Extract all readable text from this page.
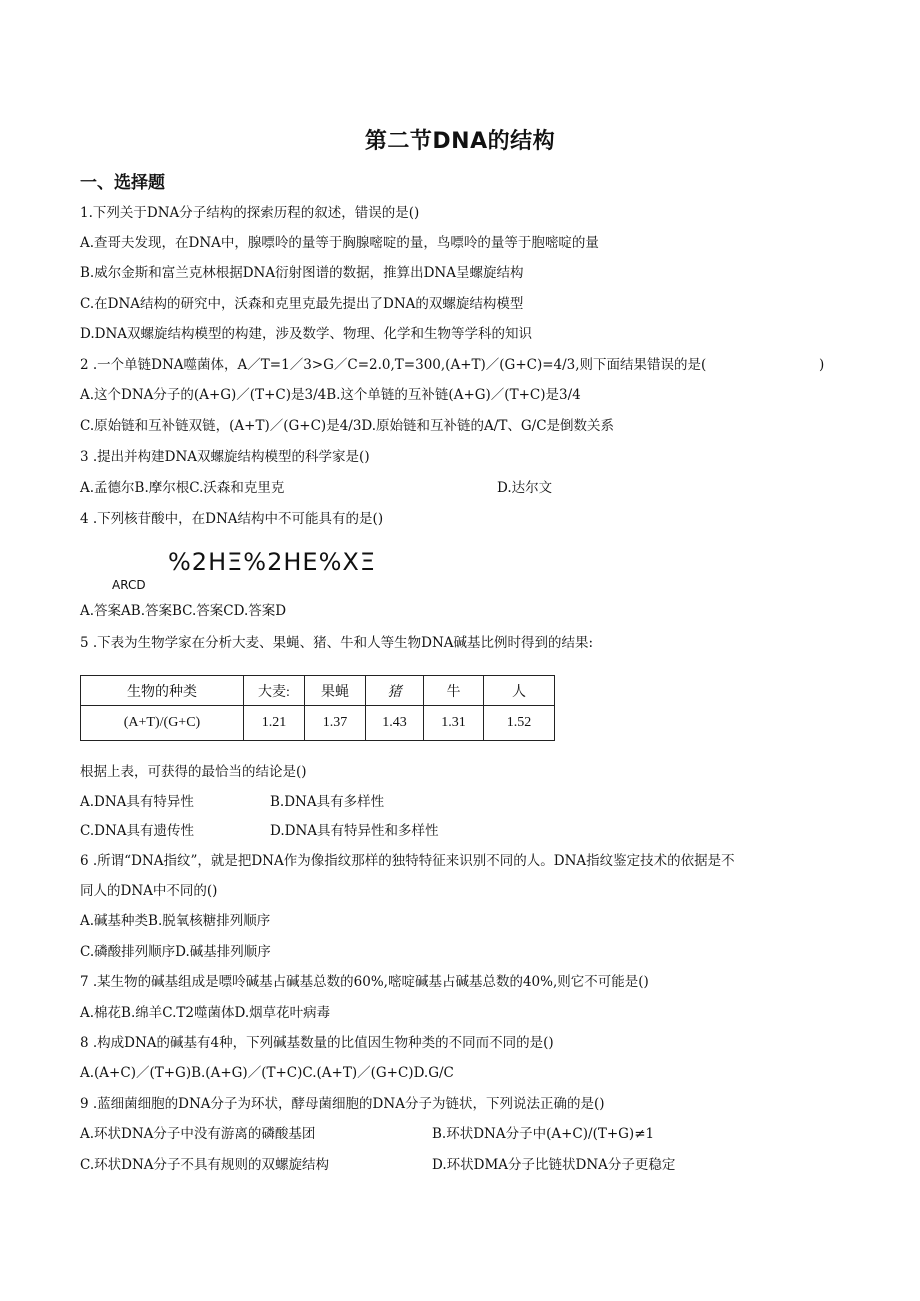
第二节DNA的结构
一、选择题
1.下列关于DNA分子结构的探索历程的叙述，错误的是()
A.查哥夫发现，在DNA中，腺嘌呤的量等于胸腺嘧啶的量，鸟嘌呤的量等于胞嘧啶的量
B.威尔金斯和富兰克林根据DNA衍射图谱的数据，推算出DNA呈螺旋结构
C.在DNA结构的研究中，沃森和克里克最先提出了DNA的双螺旋结构模型
D.DNA双螺旋结构模型的构建，涉及数学、物理、化学和生物等学科的知识
2 .一个单链DNA噬菌体，A／T=1／3>G／C=2.0,T=300,(A+T)／(G+C)=4/3,则下面结果错误的是(	)
A.这个DNA分子的(A+G)／(T+C)是3/4B.这个单链的互补链(A+G)／(T+C)是3/4
C.原始链和互补链双链，(A+T)／(G+C)是4/3D.原始链和互补链的A/T、G/C是倒数关系
3 .提出并构建DNA双螺旋结构模型的科学家是()
A.孟德尔B.摩尔根C.沃森和克里克	D.达尔文
4 .下列核苷酸中，在DNA结构中不可能具有的是()
%2HΞ%2HE%XΞ
ARCD
A.答案AB.答案BC.答案CD.答案D
5 .下表为生物学家在分析大麦、果蝇、猪、牛和人等生物DNA碱基比例时得到的结果:
生物的种类	大麦:	果蝇	猪	牛	人
(A+T)/(G+C)	1.21	1.37	1.43	1.31	1.52
根据上表，可获得的最恰当的结论是()
A.DNA具有特异性	B.DNA具有多样性
C.DNA具有遗传性	D.DNA具有特异性和多样性
6 .所谓“DNA指纹”，就是把DNA作为像指纹那样的独特特征来识别不同的人。DNA指纹鉴定技术的依据是不
同人的DNA中不同的()
A.碱基种类B.脱氧核糖排列顺序
C.磷酸排列顺序D.碱基排列顺序
7 .某生物的碱基组成是嘌呤碱基占碱基总数的60%,嘧啶碱基占碱基总数的40%,则它不可能是()
A.棉花B.绵羊C.T2噬菌体D.烟草花叶病毒
8 .构成DNA的碱基有4种，下列碱基数量的比值因生物种类的不同而不同的是()
A.(A+C)／(T+G)B.(A+G)／(T+C)C.(A+T)／(G+C)D.G/C
9 .蓝细菌细胞的DNA分子为环状，酵母菌细胞的DNA分子为链状，下列说法正确的是()
A.环状DNA分子中没有游离的磷酸基团	B.环状DNA分子中(A+C)/(T+G)≠1
C.环状DNA分子不具有规则的双螺旋结构	D.环状DMA分子比链状DNA分子更稳定
